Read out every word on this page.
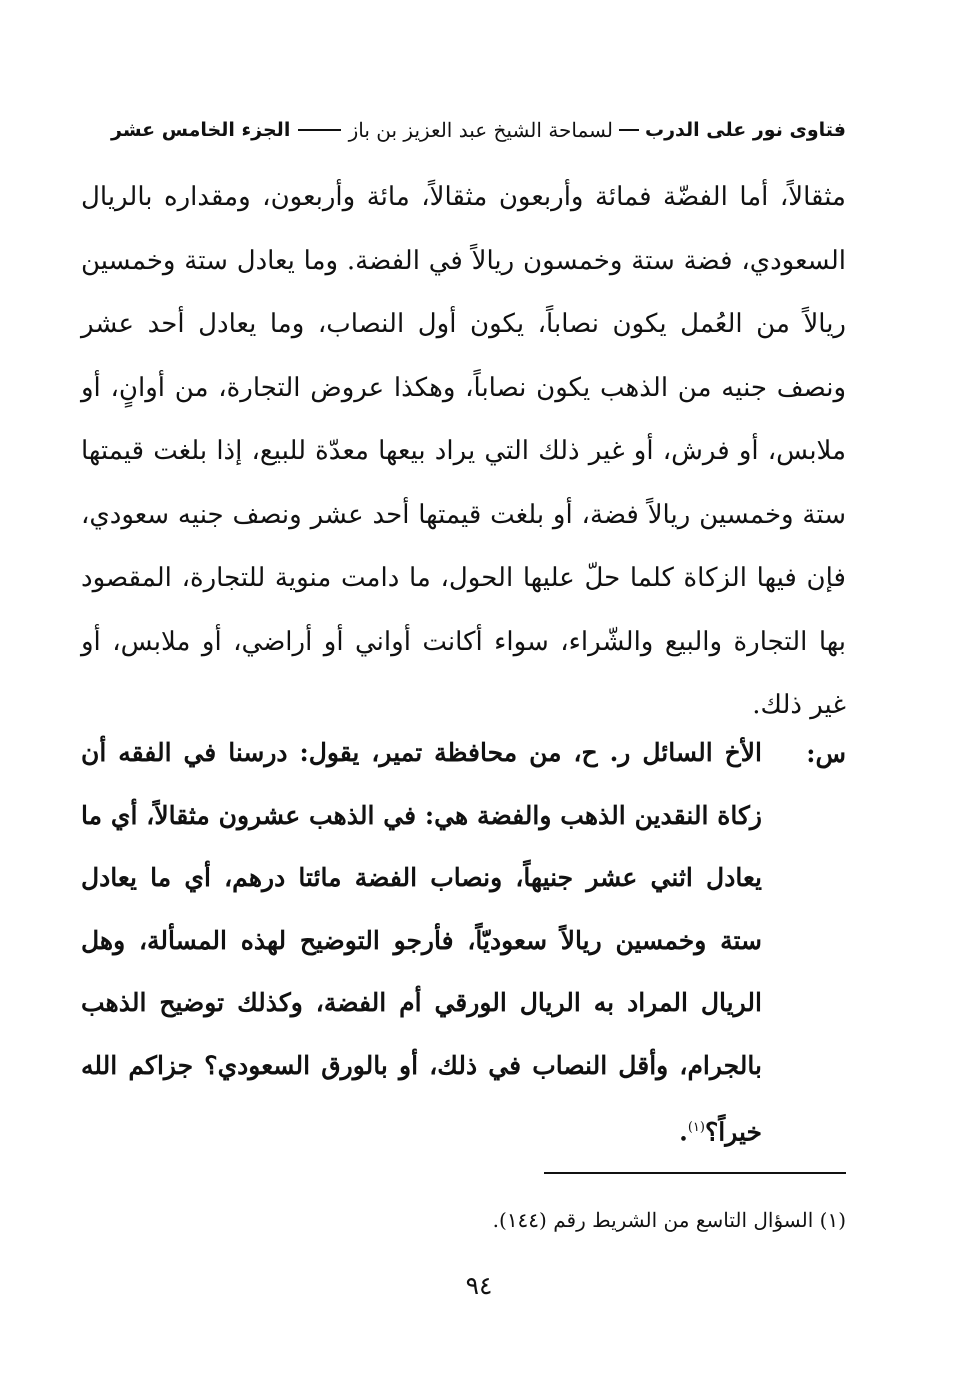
فتاوى نور على الدرب
لسماحة الشيخ عبد العزيز بن باز
الجزء الخامس عشر

مثقالاً، أما الفضّة فمائة وأربعون مثقالاً، مائة وأربعون، ومقداره بالريال السعودي، فضة ستة وخمسون ريالاً في الفضة. وما يعادل ستة وخمسين ريالاً من العُمل يكون نصاباً، يكون أول النصاب، وما يعادل أحد عشر ونصف جنيه من الذهب يكون نصاباً، وهكذا عروض التجارة، من أوانٍ، أو ملابس، أو فرش، أو غير ذلك التي يراد بيعها معدّة للبيع، إذا بلغت قيمتها ستة وخمسين ريالاً فضة، أو بلغت قيمتها أحد عشر ونصف جنيه سعودي، فإن فيها الزكاة كلما حلّ عليها الحول، ما دامت منوية للتجارة، المقصود بها التجارة والبيع والشّراء، سواء أكانت أواني أو أراضي، أو ملابس، أو غير ذلك.

س:

الأخ السائل ر. ح، من محافظة تمير، يقول: درسنا في الفقه أن زكاة النقدين الذهب والفضة هي: في الذهب عشرون مثقالاً، أي ما يعادل اثني عشر جنيهاً، ونصاب الفضة مائتا درهم، أي ما يعادل ستة وخمسين ريالاً سعوديّاً، فأرجو التوضيح لهذه المسألة، وهل الريال المراد به الريال الورقي أم الفضة، وكذلك توضيح الذهب بالجرام، وأقل النصاب في ذلك، أو بالورق السعودي؟ جزاكم الله خيراً؟$^{(١)}$.

(١) السؤال التاسع من الشريط رقم (١٤٤).
٩٤
